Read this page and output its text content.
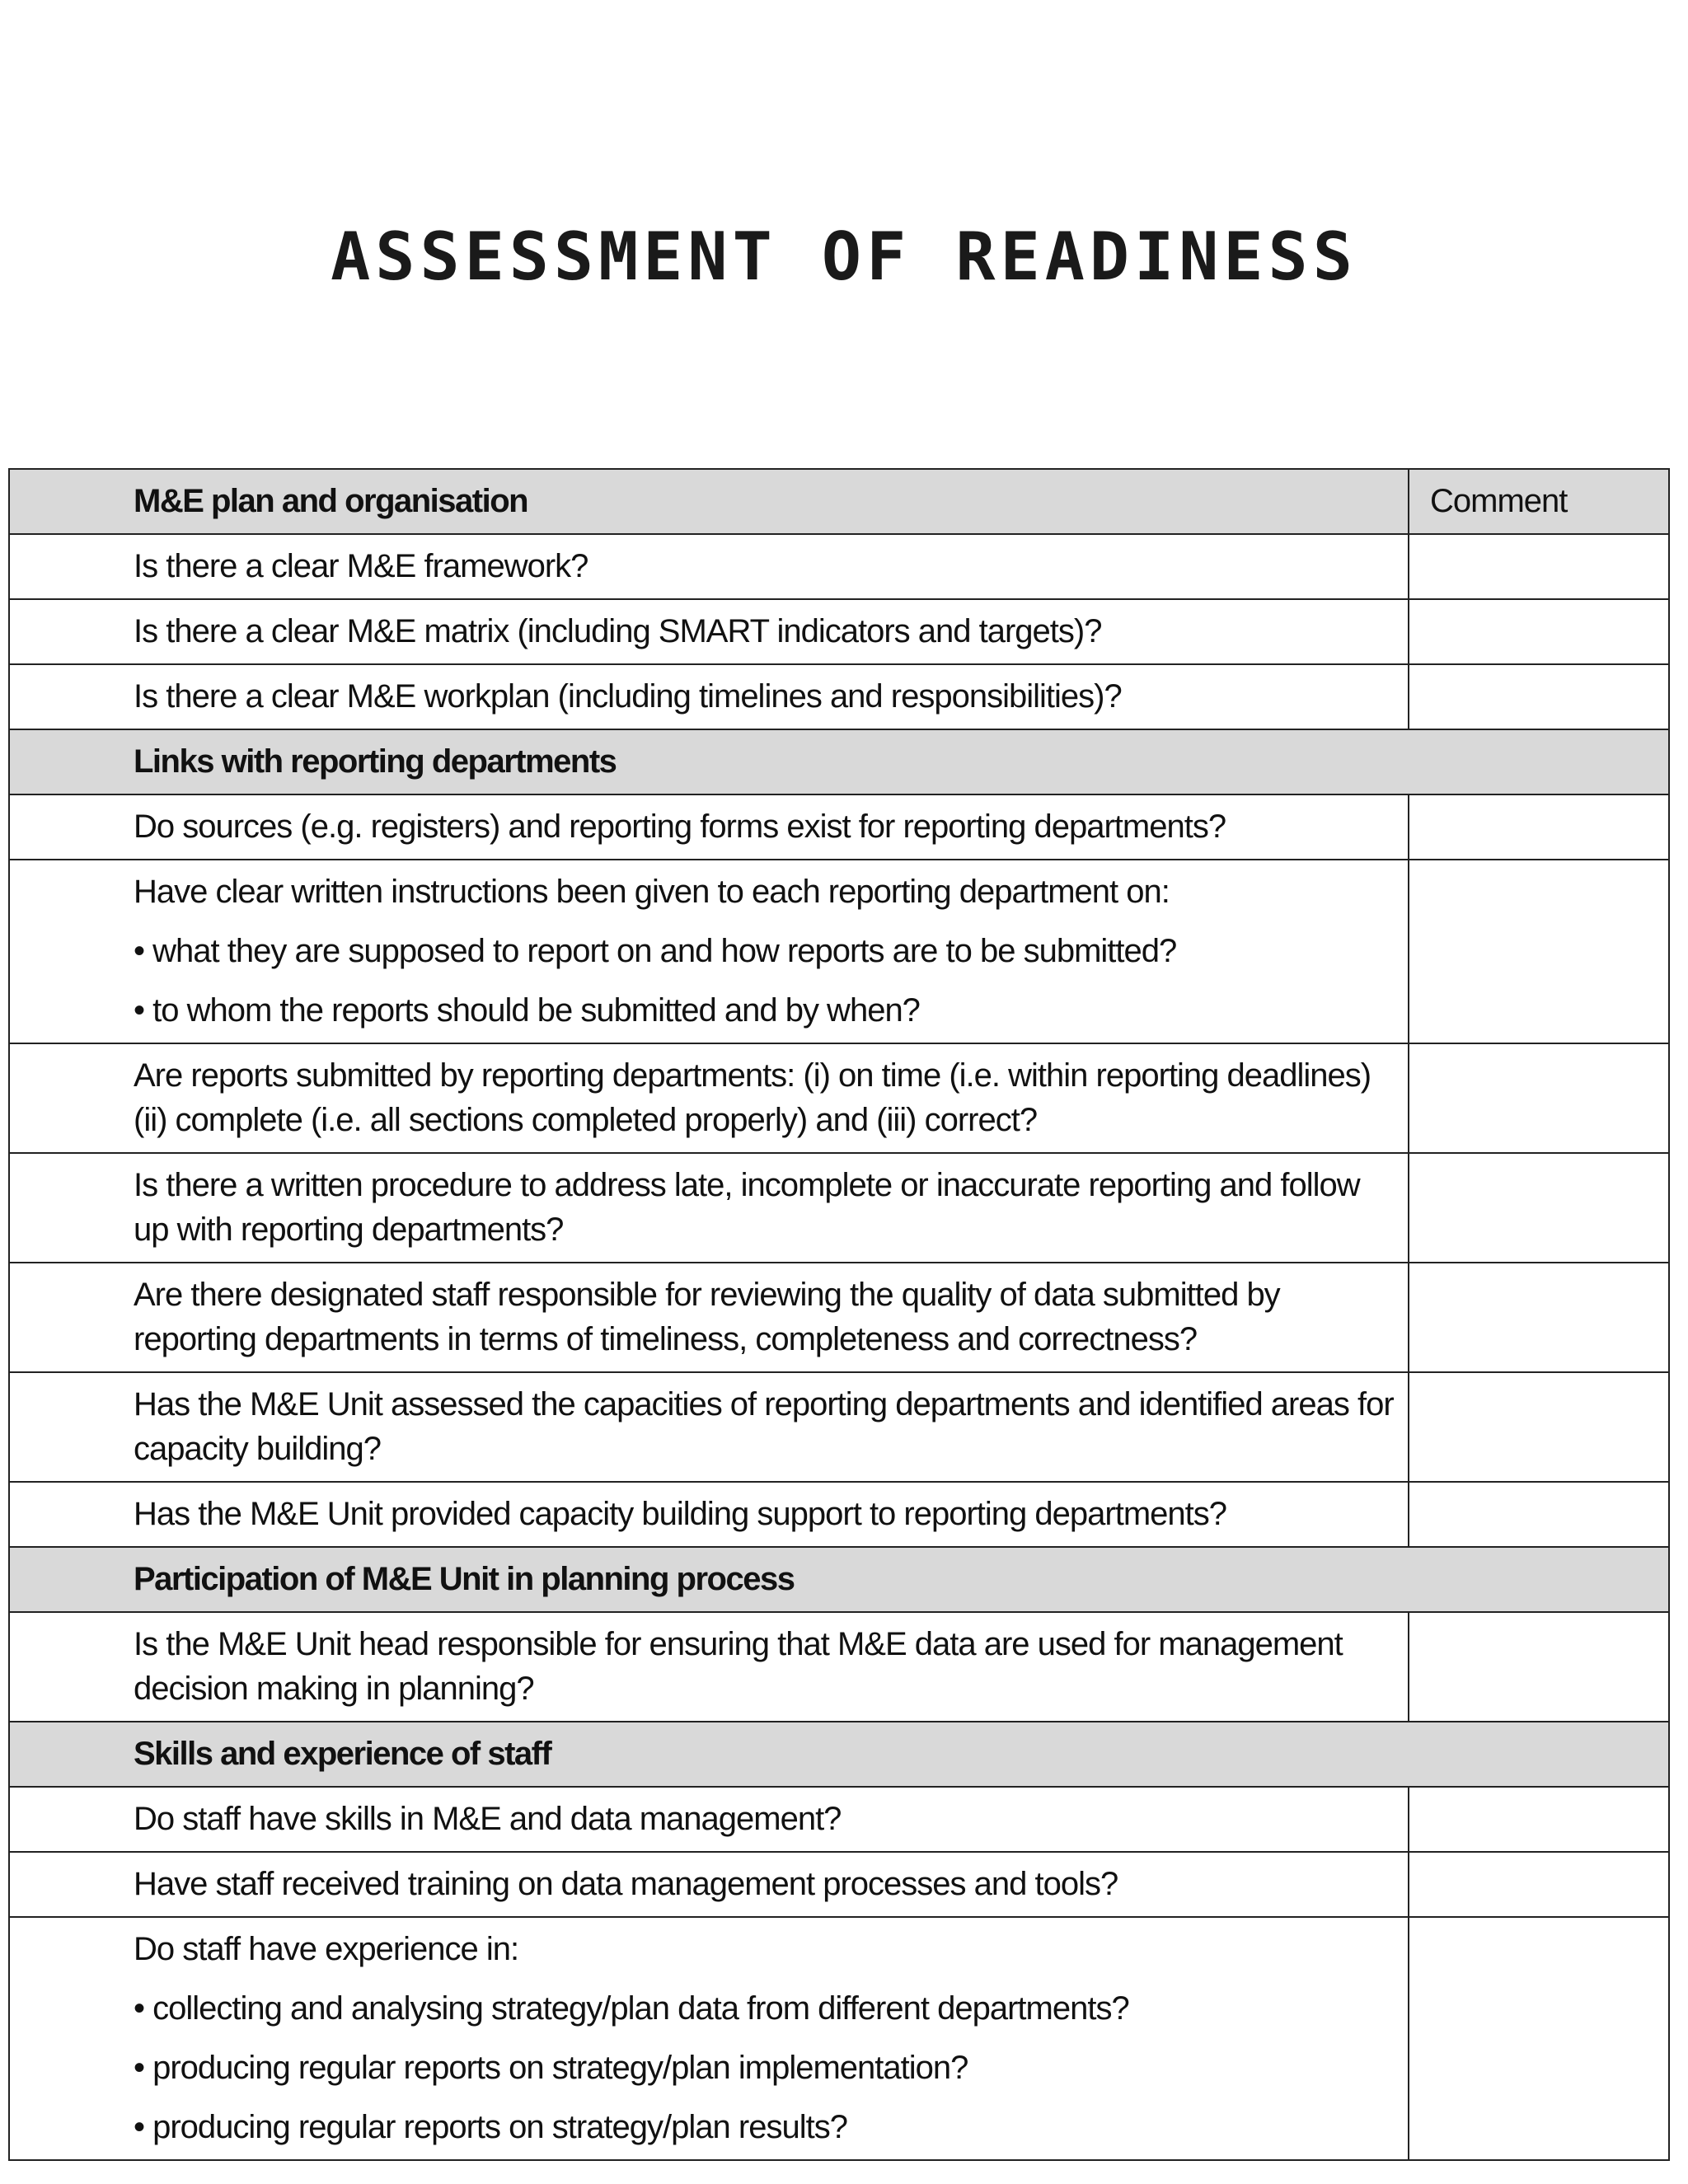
ASSESSMENT OF READINESS
M&E plan and organisation	Comment

Is there a clear M&E framework?	

Is there a clear M&E matrix (including SMART indicators and targets)?	

Is there a clear M&E workplan (including timelines and responsibilities)?	

Links with reporting departments	

Do sources (e.g. registers) and reporting forms exist for reporting departments?	

Have clear written instructions been given to each reporting department on:
• what they are supposed to report on and how reports are to be submitted?
• to whom the reports should be submitted and by when?	

Are reports submitted by reporting departments: (i) on time (i.e. within reporting deadlines) (ii) complete (i.e. all sections completed properly) and (iii) correct?	

Is there a written procedure to address late, incomplete or inaccurate reporting and follow up with reporting departments?	

Are there designated staff responsible for reviewing the quality of data submitted by reporting departments in terms of timeliness, completeness and correctness?	

Has the M&E Unit assessed the capacities of reporting departments and identified areas for capacity building?	

Has the M&E Unit provided capacity building support to reporting departments?	

Participation of M&E Unit in planning process	

Is the M&E Unit head responsible for ensuring that M&E data are used for management decision making in planning?	

Skills and experience of staff	

Do staff have skills in M&E and data management?	

Have staff received training on data management processes and tools?	

Do staff have experience in:
• collecting and analysing strategy/plan data from different departments?
• producing regular reports on strategy/plan implementation?
• producing regular reports on strategy/plan results?	
